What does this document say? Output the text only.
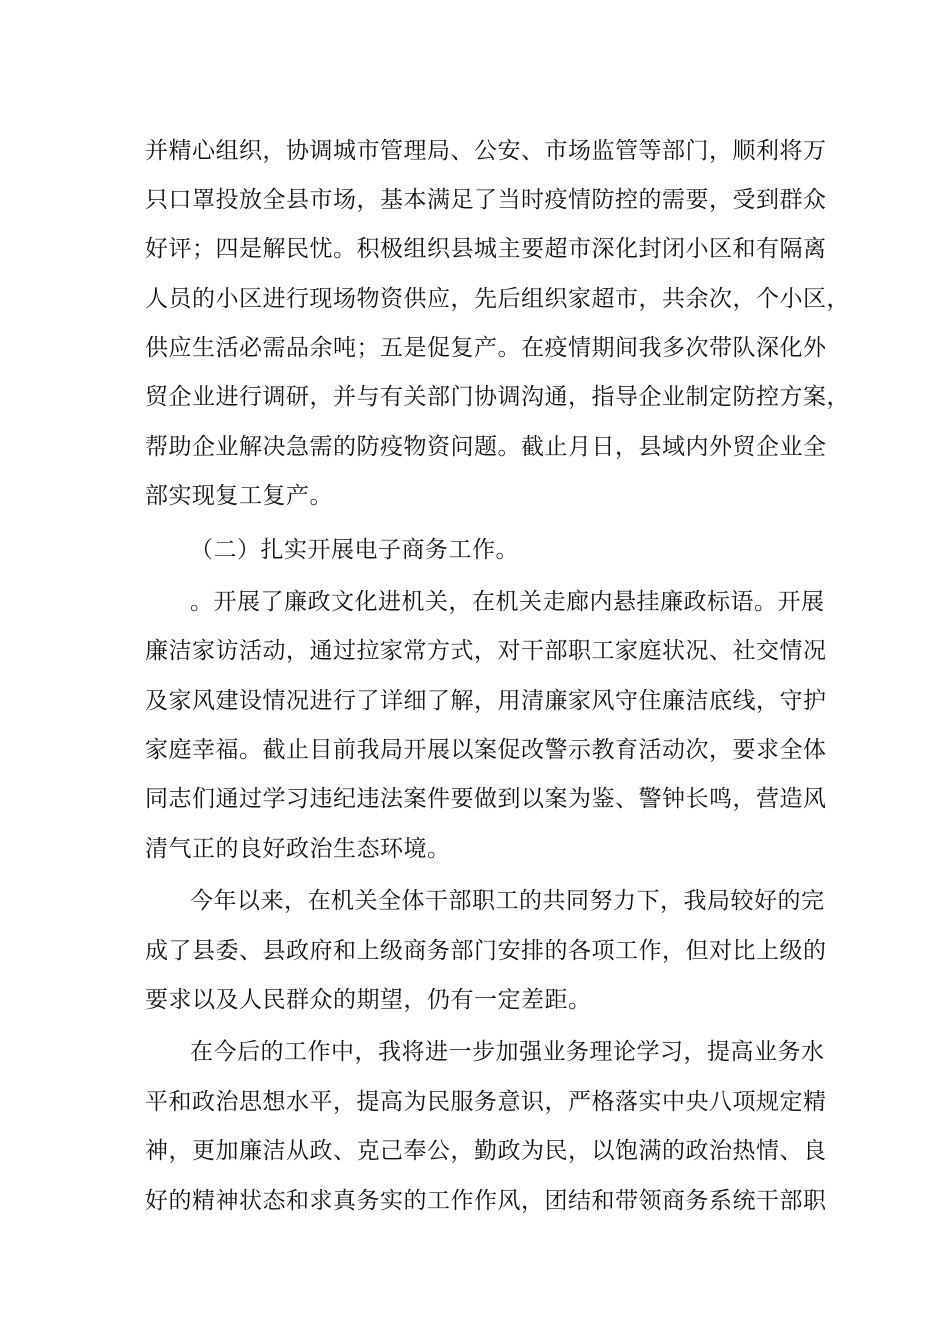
并精心组织，协调城市管理局、公安、市场监管等部门，顺利将万
只口罩投放全县市场，基本满足了当时疫情防控的需要，受到群众
好评；四是解民忧。积极组织县城主要超市深化封闭小区和有隔离
人员的小区进行现场物资供应，先后组织家超市，共余次，个小区，
供应生活必需品余吨；五是促复产。在疫情期间我多次带队深化外
贸企业进行调研，并与有关部门协调沟通，指导企业制定防控方案，
帮助企业解决急需的防疫物资问题。截止月日，县域内外贸企业全
部实现复工复产。
（二）扎实开展电子商务工作。
。开展了廉政文化进机关，在机关走廊内悬挂廉政标语。开展
廉洁家访活动，通过拉家常方式，对干部职工家庭状况、社交情况
及家风建设情况进行了详细了解，用清廉家风守住廉洁底线，守护
家庭幸福。截止目前我局开展以案促改警示教育活动次，要求全体
同志们通过学习违纪违法案件要做到以案为鉴、警钟长鸣，营造风
清气正的良好政治生态环境。
今年以来，在机关全体干部职工的共同努力下，我局较好的完
成了县委、县政府和上级商务部门安排的各项工作，但对比上级的
要求以及人民群众的期望，仍有一定差距。
在今后的工作中，我将进一步加强业务理论学习，提高业务水
平和政治思想水平，提高为民服务意识，严格落实中央八项规定精
神，更加廉洁从政、克己奉公，勤政为民，以饱满的政治热情、良
好的精神状态和求真务实的工作作风，团结和带领商务系统干部职
